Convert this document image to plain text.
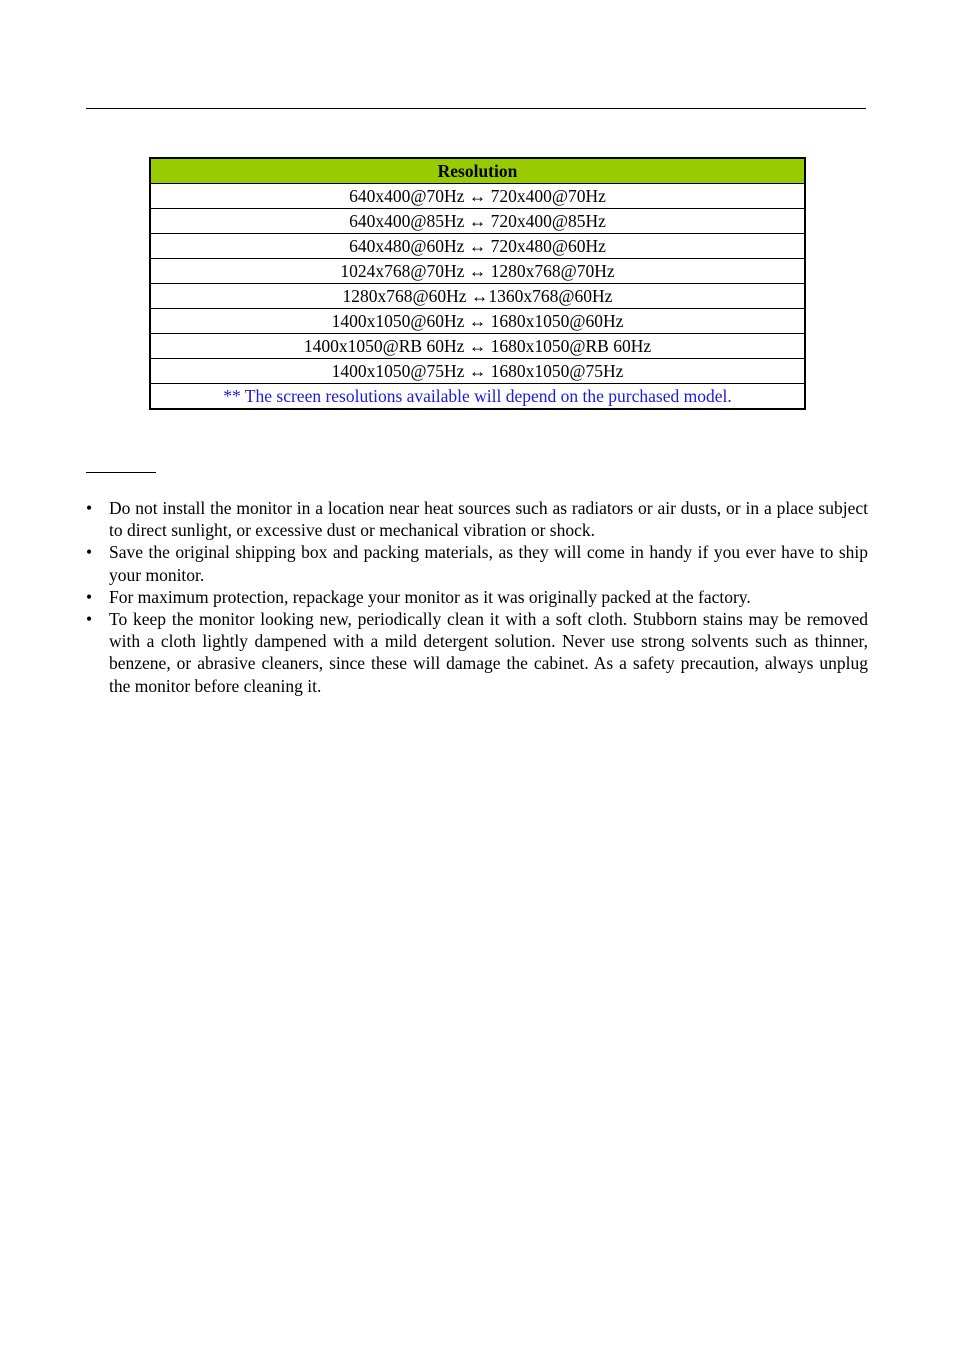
Resolution
640x400@70Hz ↔ 720x400@70Hz
640x400@85Hz ↔ 720x400@85Hz
640x480@60Hz ↔ 720x480@60Hz
1024x768@70Hz ↔ 1280x768@70Hz
1280x768@60Hz ↔1360x768@60Hz
1400x1050@60Hz ↔ 1680x1050@60Hz
1400x1050@RB 60Hz ↔ 1680x1050@RB 60Hz
1400x1050@75Hz ↔ 1680x1050@75Hz
** The screen resolutions available will depend on the purchased model.
• Do not install the monitor in a location near heat sources such as radiators or air dusts, or in a place subject to direct sunlight, or excessive dust or mechanical vibration or shock.
• Save the original shipping box and packing materials, as they will come in handy if you ever have to ship your monitor.
• For maximum protection, repackage your monitor as it was originally packed at the factory.
• To keep the monitor looking new, periodically clean it with a soft cloth. Stubborn stains may be removed with a cloth lightly dampened with a mild detergent solution. Never use strong solvents such as thinner, benzene, or abrasive cleaners, since these will damage the cabinet. As a safety precaution, always unplug the monitor before cleaning it.
